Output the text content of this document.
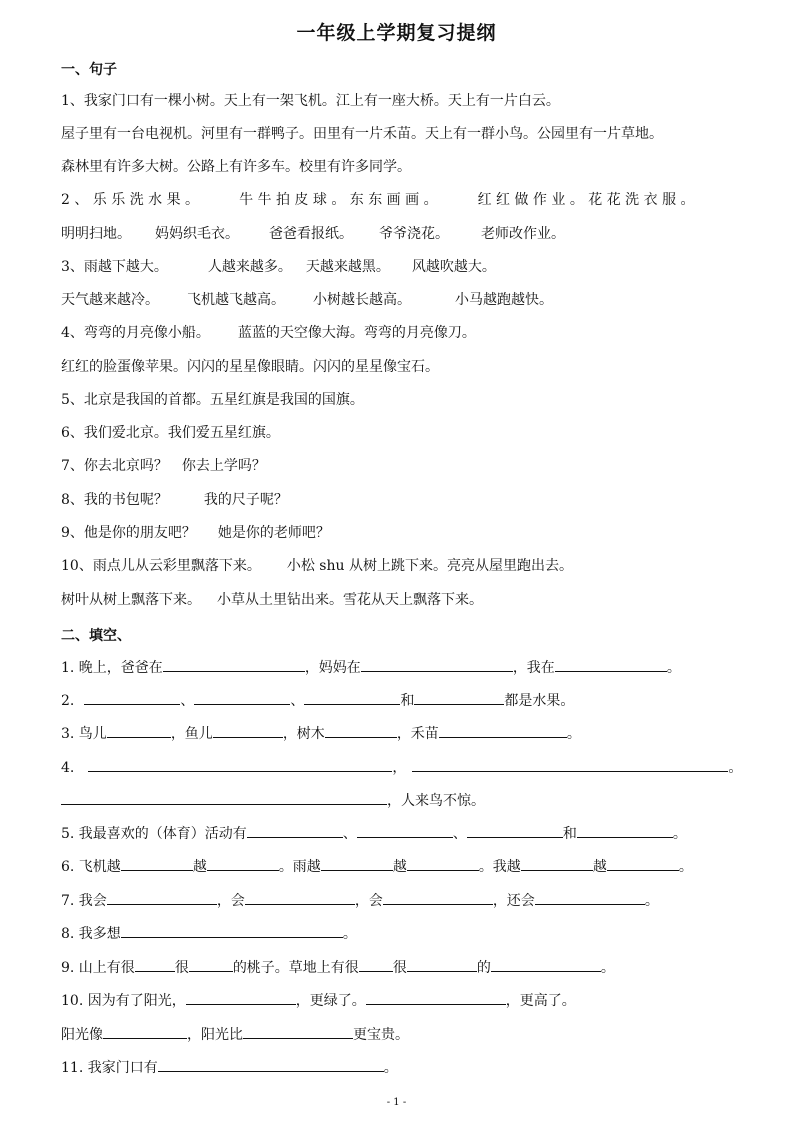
一年级上学期复习提纲
一、句子
1、我家门口有一棵小树。天上有一架飞机。江上有一座大桥。天上有一片白云。
屋子里有一台电视机。河里有一群鸭子。田里有一片禾苗。天上有一群小鸟。公园里有一片草地。
森林里有许多大树。公路上有许多车。校里有许多同学。
2 、 乐 乐 洗 水 果 。	牛 牛 拍 皮 球 。 东 东 画 画 。	红 红 做 作 业 。 花 花 洗 衣 服 。
明明扫地。 妈妈织毛衣。 爸爸看报纸。 爷爷浇花。 老师改作业。
3、雨越下越大。	人越来越多。 天越来越黑。 风越吹越大。
天气越来越冷。 飞机越飞越高。 小树越长越高。	小马越跑越快。
4、弯弯的月亮像小船。 蓝蓝的天空像大海。弯弯的月亮像刀。
红红的脸蛋像苹果。闪闪的星星像眼睛。闪闪的星星像宝石。
5、北京是我国的首都。五星红旗是我国的国旗。
6、我们爱北京。我们爱五星红旗。
7、你去北京吗？ 你去上学吗？
8、我的书包呢？	我的尺子呢？
9、他是你的朋友吧？ 她是你的老师吧？
10、雨点儿从云彩里飘落下来。 小松 shu 从树上跳下来。亮亮从屋里跑出去。
树叶从树上飘落下来。 小草从土里钻出来。雪花从天上飘落下来。
二、填空、
1. 晚上，爸爸在	，妈妈在	，我在	。
2.	、	、	和	都是水果。
3. 鸟儿	，鱼儿	，树木	，禾苗	。
4.	，	。
，人来鸟不惊。
5. 我最喜欢的（体育）活动有	、	、	和	。
6. 飞机越	越	。雨越	越	。我越	越	。
7. 我会	，会	，会	，还会	。
8. 我多想	。
9. 山上有很	很	的桃子。草地上有很 很	的	。
10. 因为有了阳光，	，更绿了。	，更高了。
阳光像	，阳光比	更宝贵。
11. 我家门口有	。
- 1 -
